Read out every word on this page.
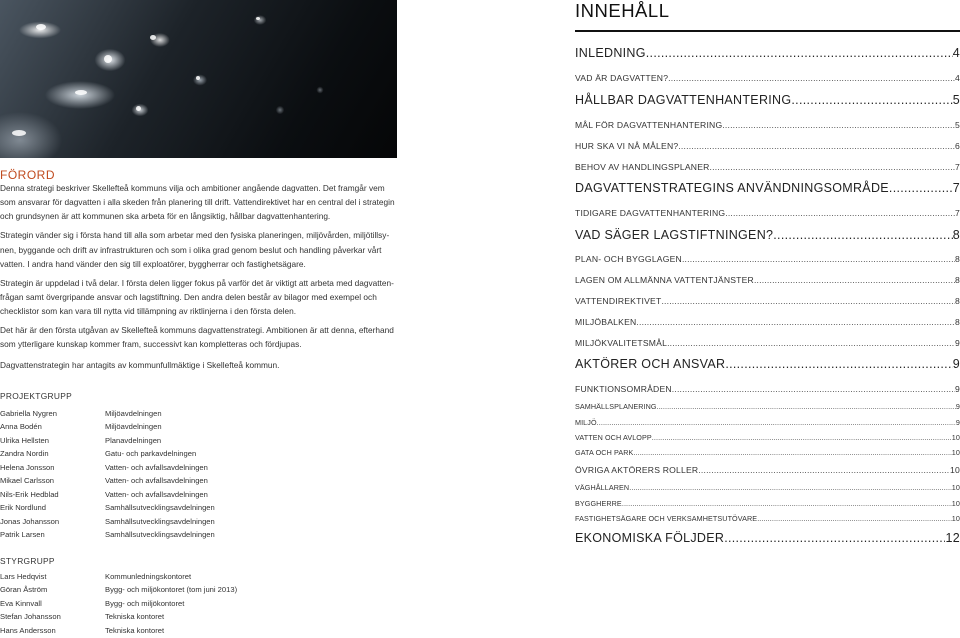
FÖRORD

Denna strategi beskriver Skellefteå kommuns vilja och ambitioner angående dagvatten. Det framgår vem

som ansvarar för dagvatten i alla skeden från planering till drift. Vattendirektivet har en central del i strategin

och grundsynen är att kommunen ska arbeta för en långsiktig, hållbar dagvattenhantering.

Strategin vänder sig i första hand till alla som arbetar med den fysiska planeringen, miljövården, miljötillsy-

nen, byggande och drift av infrastrukturen och som i olika grad genom beslut och handling påverkar vårt

vatten. I andra hand vänder den sig till exploatörer, byggherrar och fastighetsägare.

Strategin är uppdelad i två delar. I första delen ligger fokus på varför det är viktigt att arbeta med dagvatten-

frågan samt övergripande ansvar och lagstiftning. Den andra delen består av bilagor med exempel och

checklistor som kan vara till nytta vid tillämpning av riktlinjerna i den första delen.

Det här är den första utgåvan av Skellefteå kommuns dagvattenstrategi. Ambitionen är att denna, efterhand

som ytterligare kunskap kommer fram, successivt kan kompletteras och fördjupas.

Dagvattenstrategin har antagits av kommunfullmäktige i Skellefteå kommun.

PROJEKTGRUPP
Gabriella Nygren	Miljöavdelningen
Anna Bodén	Miljöavdelningen
Ulrika Hellsten	Planavdelningen
Zandra Nordin	Gatu- och parkavdelningen
Helena Jonsson	Vatten- och avfallsavdelningen
Mikael Carlsson	Vatten- och avfallsavdelningen
Nils-Erik Hedblad	Vatten- och avfallsavdelningen
Erik Nordlund	Samhällsutvecklingsavdelningen
Jonas Johansson	Samhällsutvecklingsavdelningen
Patrik Larsen	Samhällsutvecklingsavdelningen
STYRGRUPP
Lars Hedqvist	Kommunledningskontoret
Göran Åström	Bygg- och miljökontoret (tom juni 2013)
Eva Kinnvall	Bygg- och miljökontoret
Stefan Johansson	Tekniska kontoret
Hans Andersson	Tekniska kontoret
INNEHÅLL
INLEDNING .....	4
VAD ÄR DAGVATTEN? .....	4
HÅLLBAR DAGVATTENHANTERING .....	5
MÅL FÖR DAGVATTENHANTERING .....	5
HUR SKA VI NÅ MÅLEN? .....	6
BEHOV AV HANDLINGSPLANER .....	7
DAGVATTENSTRATEGINS ANVÄNDNINGSOMRÅDE .....	7
TIDIGARE DAGVATTENHANTERING .....	7
VAD SÄGER LAGSTIFTNINGEN? .....	8
PLAN- OCH BYGGLAGEN .....	8
LAGEN OM ALLMÄNNA VATTENTJÄNSTER .....	8
VATTENDIREKTIVET .....	8
MILJÖBALKEN .....	8
MILJÖKVALITETSMÅL .....	9
AKTÖRER OCH ANSVAR .....	9
FUNKTIONSOMRÅDEN .....	9
SAMHÄLLSPLANERING .....	9
MILJÖ .....	9
VATTEN OCH AVLOPP .....	10
GATA OCH PARK .....	10
ÖVRIGA AKTÖRERS ROLLER .....	10
VÄGHÅLLAREN .....	10
BYGGHERRE .....	10
FASTIGHETSÄGARE OCH VERKSAMHETSUTÖVARE .....	10
EKONOMISKA FÖLJDER .....	12
